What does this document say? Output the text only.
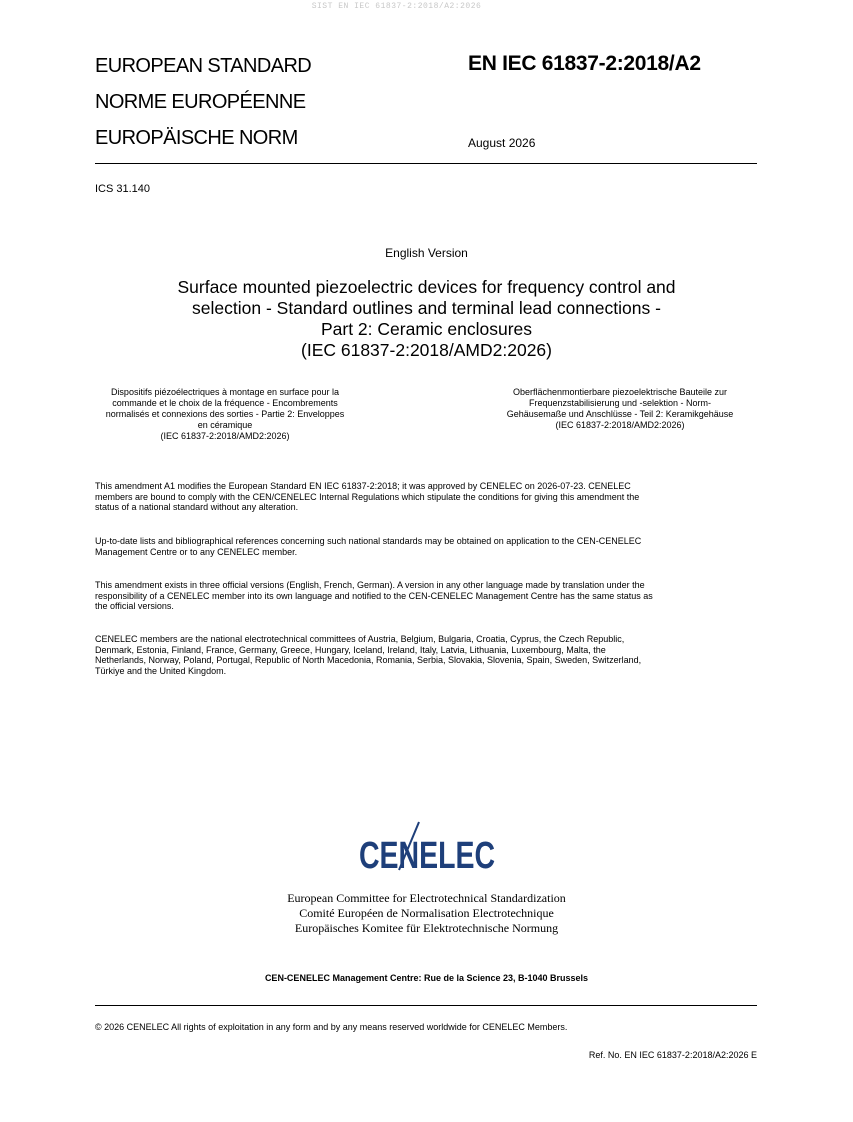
SIST EN IEC 61837-2:2018/A2:2026
EUROPEAN STANDARD
NORME EUROPÉENNE
EUROPÄISCHE NORM
EN IEC 61837-2:2018/A2
August 2026
ICS 31.140
English Version
Surface mounted piezoelectric devices for frequency control and
selection - Standard outlines and terminal lead connections -
Part 2: Ceramic enclosures
(IEC 61837-2:2018/AMD2:2026)
Dispositifs piézoélectriques à montage en surface pour la
commande et le choix de la fréquence - Encombrements
normalisés et connexions des sorties - Partie 2: Enveloppes
en céramique
(IEC 61837-2:2018/AMD2:2026)
Oberflächenmontierbare piezoelektrische Bauteile zur
Frequenzstabilisierung und -selektion - Norm-
Gehäusemaße und Anschlüsse - Teil 2: Keramikgehäuse
(IEC 61837-2:2018/AMD2:2026)
This amendment A1 modifies the European Standard EN IEC 61837-2:2018; it was approved by CENELEC on 2026-07-23. CENELEC
members are bound to comply with the CEN/CENELEC Internal Regulations which stipulate the conditions for giving this amendment the
status of a national standard without any alteration.
Up-to-date lists and bibliographical references concerning such national standards may be obtained on application to the CEN-CENELEC
Management Centre or to any CENELEC member.
This amendment exists in three official versions (English, French, German). A version in any other language made by translation under the
responsibility of a CENELEC member into its own language and notified to the CEN-CENELEC Management Centre has the same status as
the official versions.
CENELEC members are the national electrotechnical committees of Austria, Belgium, Bulgaria, Croatia, Cyprus, the Czech Republic,
Denmark, Estonia, Finland, France, Germany, Greece, Hungary, Iceland, Ireland, Italy, Latvia, Lithuania, Luxembourg, Malta, the
Netherlands, Norway, Poland, Portugal, Republic of North Macedonia, Romania, Serbia, Slovakia, Slovenia, Spain, Sweden, Switzerland,
Türkiye and the United Kingdom.
CENELEC
European Committee for Electrotechnical Standardization
Comité Européen de Normalisation Electrotechnique
Europäisches Komitee für Elektrotechnische Normung
CEN-CENELEC Management Centre: Rue de la Science 23, B-1040 Brussels
© 2026 CENELEC All rights of exploitation in any form and by any means reserved worldwide for CENELEC Members.
Ref. No. EN IEC 61837-2:2018/A2:2026 E
